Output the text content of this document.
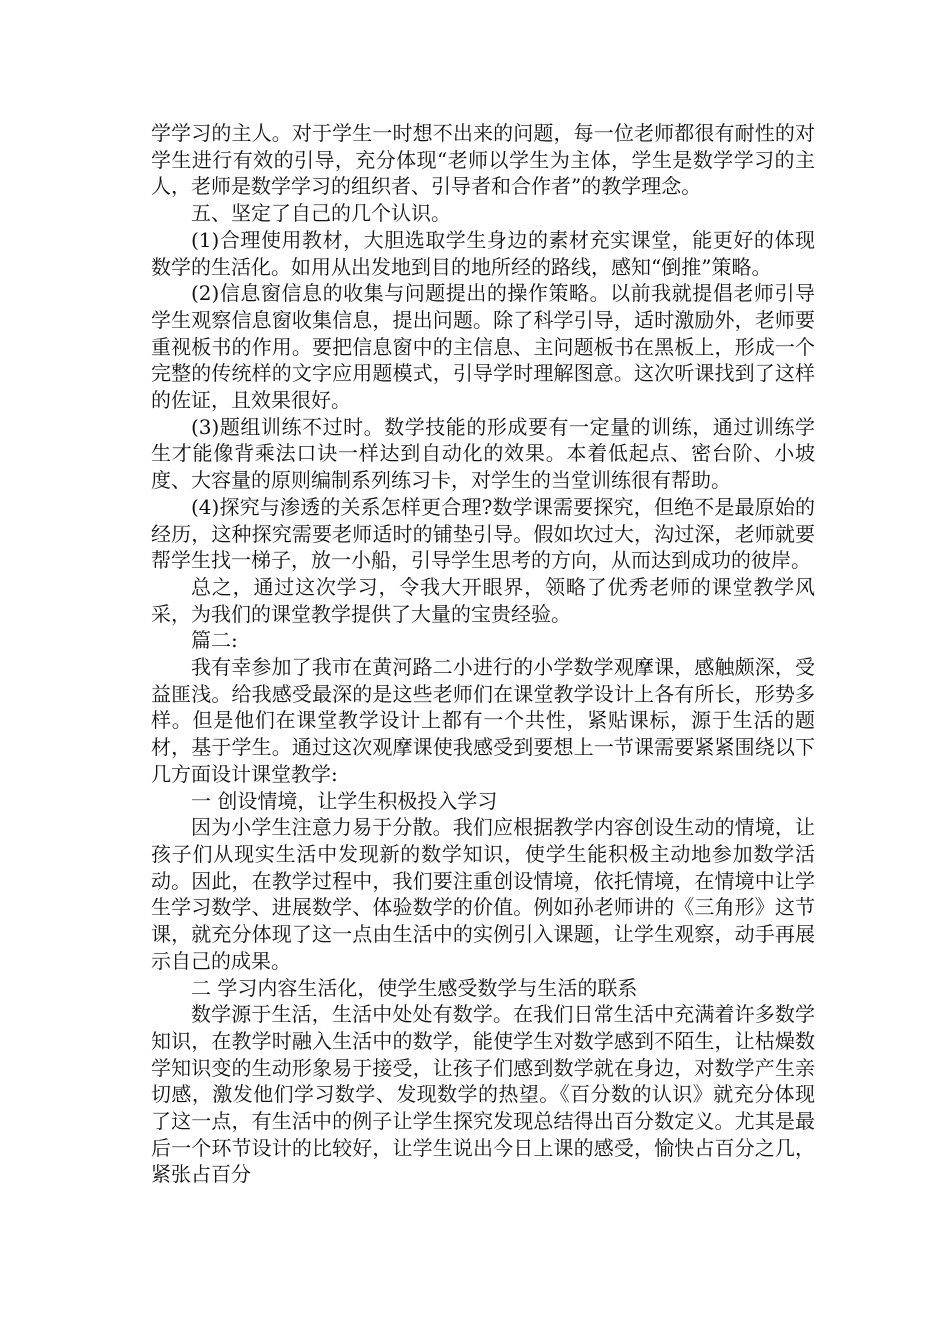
学学习的主人。对于学生一时想不出来的问题，每一位老师都很有耐性的对学生进行有效的引导，充分体现“老师以学生为主体，学生是数学学习的主人，老师是数学学习的组织者、引导者和合作者”的教学理念。

五、坚定了自己的几个认识。

(1)合理使用教材，大胆选取学生身边的素材充实课堂，能更好的体现数学的生活化。如用从出发地到目的地所经的路线，感知“倒推”策略。

(2)信息窗信息的收集与问题提出的操作策略。以前我就提倡老师引导学生观察信息窗收集信息，提出问题。除了科学引导，适时激励外，老师要重视板书的作用。要把信息窗中的主信息、主问题板书在黑板上，形成一个完整的传统样的文字应用题模式，引导学时理解图意。这次听课找到了这样的佐证，且效果很好。

(3)题组训练不过时。数学技能的形成要有一定量的训练，通过训练学生才能像背乘法口诀一样达到自动化的效果。本着低起点、密台阶、小坡度、大容量的原则编制系列练习卡，对学生的当堂训练很有帮助。

(4)探究与渗透的关系怎样更合理?数学课需要探究，但绝不是最原始的经历，这种探究需要老师适时的铺垫引导。假如坎过大，沟过深，老师就要帮学生找一梯子，放一小船，引导学生思考的方向，从而达到成功的彼岸。

总之，通过这次学习，令我大开眼界，领略了优秀老师的课堂教学风采，为我们的课堂教学提供了大量的宝贵经验。

篇二:

我有幸参加了我市在黄河路二小进行的小学数学观摩课，感触颇深，受益匪浅。给我感受最深的是这些老师们在课堂教学设计上各有所长，形势多样。但是他们在课堂教学设计上都有一个共性，紧贴课标，源于生活的题材，基于学生。通过这次观摩课使我感受到要想上一节课需要紧紧围绕以下几方面设计课堂教学:

一 创设情境，让学生积极投入学习

因为小学生注意力易于分散。我们应根据教学内容创设生动的情境，让孩子们从现实生活中发现新的数学知识，使学生能积极主动地参加数学活动。因此，在教学过程中，我们要注重创设情境，依托情境，在情境中让学生学习数学、进展数学、体验数学的价值。例如孙老师讲的《三角形》这节课，就充分体现了这一点由生活中的实例引入课题，让学生观察，动手再展示自己的成果。

二 学习内容生活化，使学生感受数学与生活的联系

数学源于生活，生活中处处有数学。在我们日常生活中充满着许多数学知识，在教学时融入生活中的数学，能使学生对数学感到不陌生，让枯燥数学知识变的生动形象易于接受，让孩子们感到数学就在身边，对数学产生亲切感，激发他们学习数学、发现数学的热望。《百分数的认识》就充分体现了这一点，有生活中的例子让学生探究发现总结得出百分数定义。尤其是最后一个环节设计的比较好，让学生说出今日上课的感受，愉快占百分之几，紧张占百分
